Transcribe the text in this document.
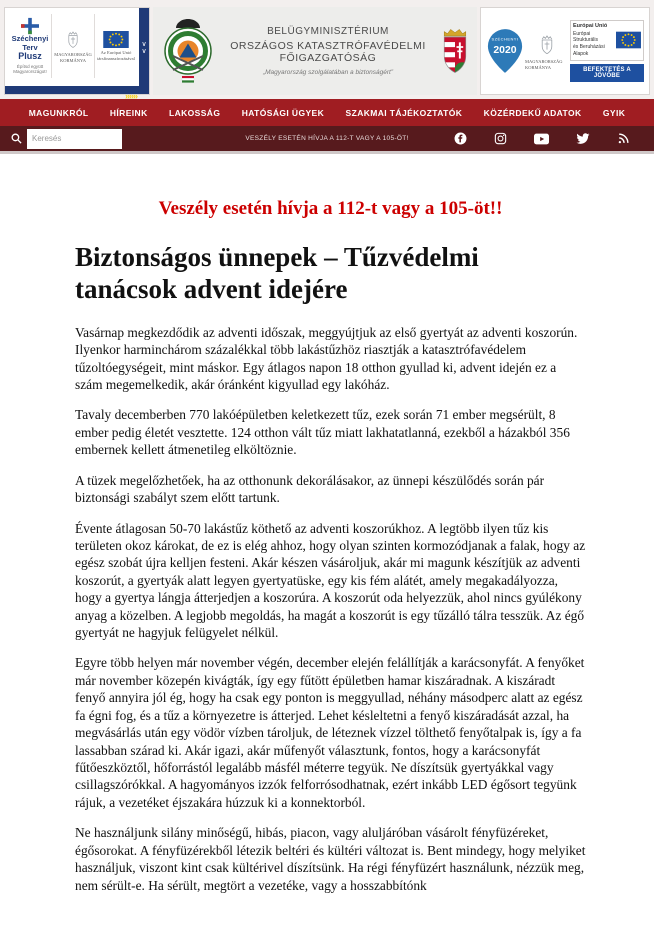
Széchenyi Terv
Plusz
Építsd együtt Magyarországot!
MAGYARORSZÁG KORMÁNYA
Az Európai Unió társfinanszírozásával
∨
∨
»»»
BELÜGYMINISZTÉRIUM
ORSZÁGOS KATASZTRÓFAVÉDELMI FŐIGAZGATÓSÁG
„Magyarország szolgálatában a biztonságért”
SZÉCHENYI
2020
MAGYARORSZÁG KORMÁNYA
Európai Unió
Európai Strukturális
és Beruházási Alapok
BEFEKTETÉS A JÖVŐBE
MAGUNKRÓL	HÍREINK	LAKOSSÁG	HATÓSÁGI ÜGYEK	SZAKMAI TÁJÉKOZTATÓK	KÖZÉRDEKŰ ADATOK	GYIK
Keresés
VESZÉLY ESETÉN HÍVJA A 112-T VAGY A 105-ÖT!
Veszély esetén hívja a 112-t vagy a 105-öt!!
Biztonságos ünnepek – Tűzvédelmi tanácsok advent idejére

Vasárnap megkezdődik az adventi időszak, meggyújtjuk az első gyertyát az adventi koszorún. Ilyenkor harminchárom százalékkal több lakástűzhöz riasztják a katasztrófavédelem tűzoltóegységeit, mint máskor. Egy átlagos napon 18 otthon gyullad ki, advent idején ez a szám megemelkedik, akár óránként kigyullad egy lakóház.

Tavaly decemberben 770 lakóépületben keletkezett tűz, ezek során 71 ember megsérült, 8 ember pedig életét vesztette. 124 otthon vált tűz miatt lakhatatlanná, ezekből a házakból 356 embernek kellett átmenetileg elköltöznie.

A tüzek megelőzhetőek, ha az otthonunk dekorálásakor, az ünnepi készülődés során pár biztonsági szabályt szem előtt tartunk.

Évente átlagosan 50-70 lakástűz köthető az adventi koszorúkhoz. A legtöbb ilyen tűz kis területen okoz károkat, de ez is elég ahhoz, hogy olyan szinten kormozódjanak a falak, hogy az egész szobát újra kelljen festeni. Akár készen vásároljuk, akár mi magunk készítjük az adventi koszorút, a gyertyák alatt legyen gyertyatüske, egy kis fém alátét, amely megakadályozza, hogy a gyertya lángja átterjedjen a koszorúra. A koszorút oda helyezzük, ahol nincs gyúlékony anyag a közelben. A legjobb megoldás, ha magát a koszorút is egy tűzálló tálra tesszük. Az égő gyertyát ne hagyjuk felügyelet nélkül.

Egyre több helyen már november végén, december elején felállítják a karácsonyfát. A fenyőket már november közepén kivágták, így egy fűtött épületben hamar kiszáradnak. A kiszáradt fenyő annyira jól ég, hogy ha csak egy ponton is meggyullad, néhány másodperc alatt az egész fa égni fog, és a tűz a környezetre is átterjed. Lehet késleltetni a fenyő kiszáradását azzal, ha megvásárlás után egy vödör vízben tároljuk, de léteznek vízzel tölthető fenyőtalpak is, így a fa lassabban szárad ki. Akár igazi, akár műfenyőt választunk, fontos, hogy a karácsonyfát fűtőeszköztől, hőforrástól legalább másfél méterre tegyük. Ne díszítsük gyertyákkal vagy csillagszórókkal. A hagyományos izzók felforrósodhatnak, ezért inkább LED égősort tegyünk rájuk, a vezetéket éjszakára húzzuk ki a konnektorból.

Ne használjunk silány minőségű, hibás, piacon, vagy aluljáróban vásárolt fényfüzéreket, égősorokat. A fényfüzérekből létezik beltéri és kültéri változat is. Bent mindegy, hogy melyiket használjuk, viszont kint csak kültérivel díszítsünk. Ha régi fényfüzért használunk, nézzük meg, nem sérült-e. Ha sérült, megtört a vezetéke, vagy a hosszabbítónk
